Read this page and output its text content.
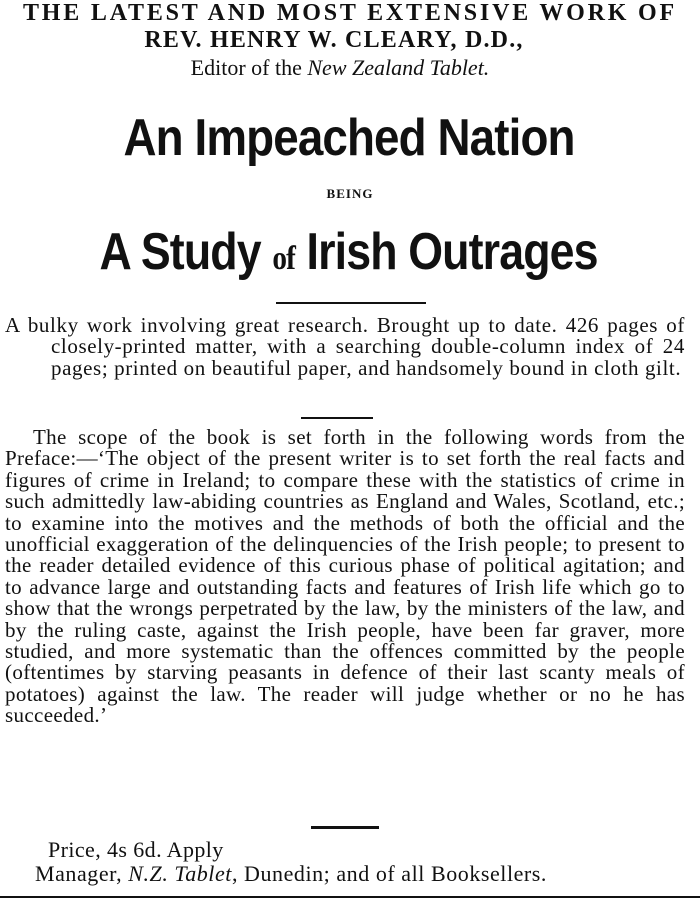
THE LATEST AND MOST EXTENSIVE WORK OF
REV. HENRY W. CLEARY, D.D.,
Editor of the New Zealand Tablet.
An Impeached Nation
BEING
A Study of Irish Outrages
A bulky work involving great research. Brought up to date. 426 pages of closely-printed matter, with a searching double-column index of 24 pages; printed on beautiful paper, and handsomely bound in cloth gilt.
The scope of the book is set forth in the following words from the Preface:—‘The object of the present writer is to set forth the real facts and figures of crime in Ireland; to compare these with the statistics of crime in such admittedly law-abiding countries as England and Wales, Scotland, etc.; to examine into the motives and the methods of both the official and the unofficial exaggeration of the delinquencies of the Irish people; to present to the reader detailed evidence of this curious phase of political agitation; and to advance large and outstanding facts and features of Irish life which go to show that the wrongs perpetrated by the law, by the ministers of the law, and by the ruling caste, against the Irish people, have been far graver, more studied, and more systematic than the offences committed by the people (oftentimes by starving peasants in defence of their last scanty meals of potatoes) against the law. The reader will judge whether or no he has succeeded.’
Price, 4s 6d. Apply
Manager, N.Z. Tablet, Dunedin; and of all Booksellers.
